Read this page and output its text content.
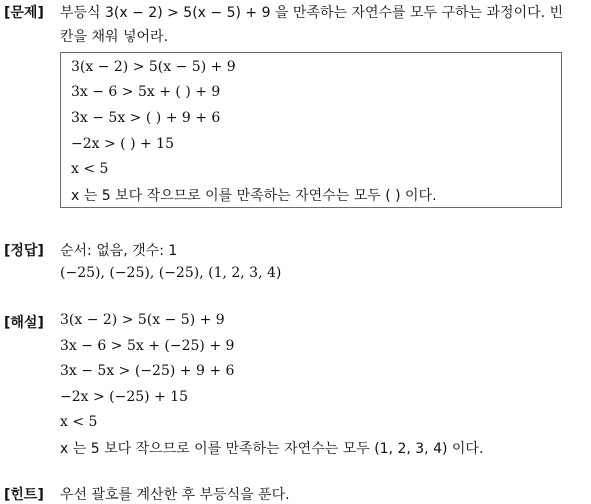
[문제] 부등식 3(x − 2) > 5(x − 5) + 9 을 만족하는 자연수를 모두 구하는 과정이다. 빈
칸을 채워 넣어라.
3(x − 2) > 5(x − 5) + 9
3x − 6 > 5x + ( ) + 9
3x − 5x > ( ) + 9 + 6
−2x > ( ) + 15
x < 5
x 는 5 보다 작으므로 이를 만족하는 자연수는 모두 ( ) 이다.
[정답] 순서: 없음, 갯수: 1
(−25), (−25), (−25), (1, 2, 3, 4)
[해설] 3(x − 2) > 5(x − 5) + 9
3x − 6 > 5x + (−25) + 9
3x − 5x > (−25) + 9 + 6
−2x > (−25) + 15
x < 5
x 는 5 보다 작으므로 이를 만족하는 자연수는 모두 (1, 2, 3, 4) 이다.
[힌트] 우선 괄호를 계산한 후 부등식을 푼다.
